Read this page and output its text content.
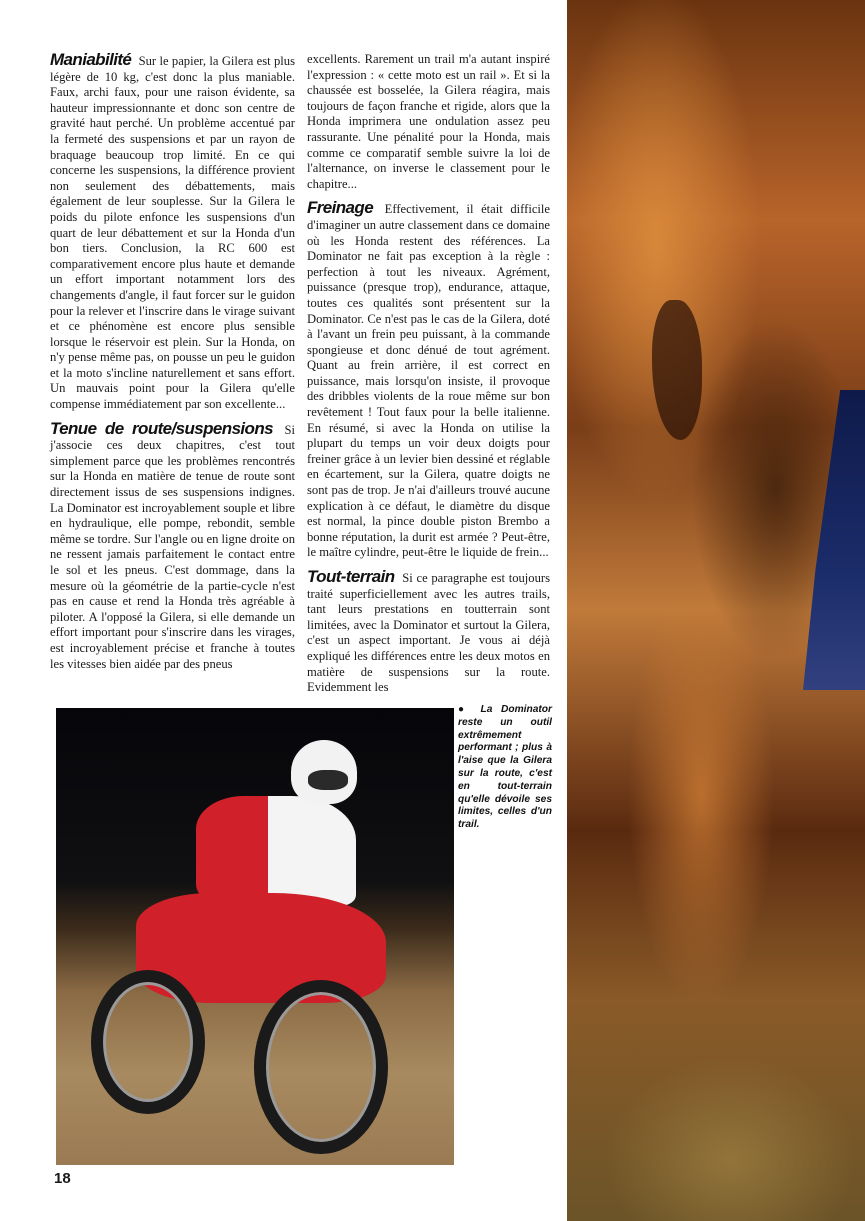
Maniabilité Sur le papier, la Gilera est plus légère de 10 kg, c'est donc la plus maniable. Faux, archi faux, pour une raison évidente, sa hauteur impressionnante et donc son centre de gravité haut perché. Un problème accentué par la fermeté des suspensions et par un rayon de braquage beaucoup trop limité. En ce qui concerne les suspensions, la différence provient non seulement des débattements, mais également de leur souplesse. Sur la Gilera le poids du pilote enfonce les suspensions d'un quart de leur débattement et sur la Honda d'un bon tiers. Conclusion, la RC 600 est comparativement encore plus haute et demande un effort important notamment lors des changements d'angle, il faut forcer sur le guidon pour la relever et l'inscrire dans le virage suivant et ce phénomène est encore plus sensible lorsque le réservoir est plein. Sur la Honda, on n'y pense même pas, on pousse un peu le guidon et la moto s'incline naturellement et sans effort. Un mauvais point pour la Gilera qu'elle compense immédiatement par son excellente...

Tenue de route/suspensions Si j'associe ces deux chapitres, c'est tout simplement parce que les problèmes rencontrés sur la Honda en matière de tenue de route sont directement issus de ses suspensions indignes. La Dominator est incroyablement souple et libre en hydraulique, elle pompe, rebondit, semble même se tordre. Sur l'angle ou en ligne droite on ne ressent jamais parfaitement le contact entre le sol et les pneus. C'est dommage, dans la mesure où la géométrie de la partie-cycle n'est pas en cause et rend la Honda très agréable à piloter. A l'opposé la Gilera, si elle demande un effort important pour s'inscrire dans les virages, est incroyablement précise et franche à toutes les vitesses bien aidée par des pneus

excellents. Rarement un trail m'a autant inspiré l'expression : « cette moto est un rail ». Et si la chaussée est bosselée, la Gilera réagira, mais toujours de façon franche et rigide, alors que la Honda imprimera une ondulation assez peu rassurante. Une pénalité pour la Honda, mais comme ce comparatif semble suivre la loi de l'alternance, on inverse le classement pour le chapitre...

Freinage Effectivement, il était difficile d'imaginer un autre classement dans ce domaine où les Honda restent des références. La Dominator ne fait pas exception à la règle : perfection à tout les niveaux. Agrément, puissance (presque trop), endurance, attaque, toutes ces qualités sont présentent sur la Dominator. Ce n'est pas le cas de la Gilera, doté à l'avant un frein peu puissant, à la commande spongieuse et donc dénué de tout agrément. Quant au frein arrière, il est correct en puissance, mais lorsqu'on insiste, il provoque des dribbles violents de la roue même sur bon revêtement ! Tout faux pour la belle italienne. En résumé, si avec la Honda on utilise la plupart du temps un voir deux doigts pour freiner grâce à un levier bien dessiné et réglable en écartement, sur la Gilera, quatre doigts ne sont pas de trop. Je n'ai d'ailleurs trouvé aucune explication à ce défaut, le diamètre du disque est normal, la pince double piston Brembo a bonne réputation, la durit est armée ? Peut-être, le maître cylindre, peut-être le liquide de frein...

Tout-terrain Si ce paragraphe est toujours traité superficiellement avec les autres trails, tant leurs prestations en toutterrain sont limitées, avec la Dominator et surtout la Gilera, c'est un aspect important. Je vous ai déjà expliqué les différences entre les deux motos en matière de suspensions sur la route. Evidemment les

● La Dominator reste un outil extrêmement performant ; plus à l'aise que la Gilera sur la route, c'est en tout-terrain qu'elle dévoile ses limites, celles d'un trail.
18
